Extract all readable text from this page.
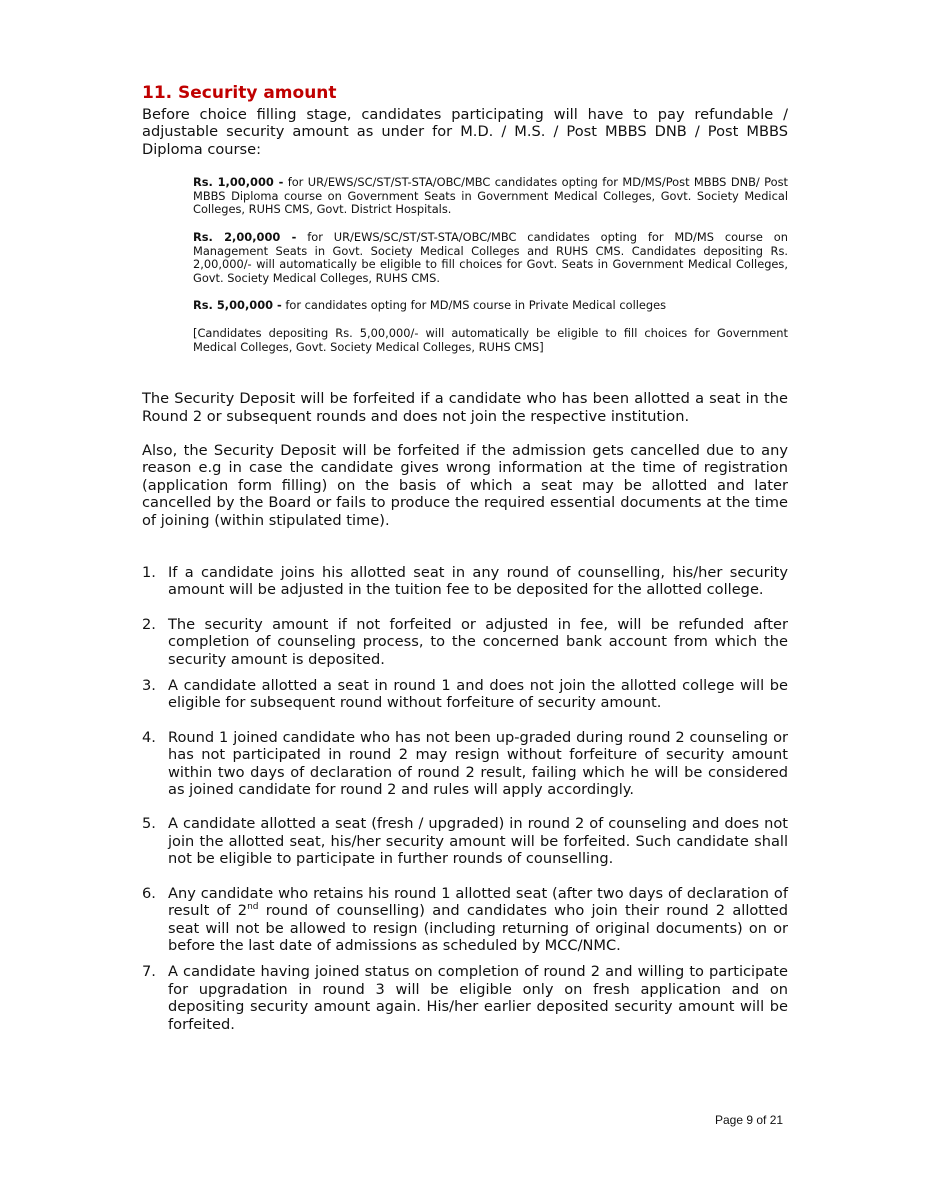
11. Security amount

Before choice filling stage, candidates participating will have to pay refundable / adjustable security amount as under for M.D. / M.S. / Post MBBS DNB / Post MBBS Diploma course:

Rs. 1,00,000 - for UR/EWS/SC/ST/ST-STA/OBC/MBC candidates opting for MD/MS/Post MBBS DNB/ Post MBBS Diploma course on Government Seats in Government Medical Colleges, Govt. Society Medical Colleges, RUHS CMS, Govt. District Hospitals.

Rs. 2,00,000 - for UR/EWS/SC/ST/ST-STA/OBC/MBC candidates opting for MD/MS course on Management Seats in Govt. Society Medical Colleges and RUHS CMS. Candidates depositing Rs. 2,00,000/- will automatically be eligible to fill choices for Govt. Seats in Government Medical Colleges, Govt. Society Medical Colleges, RUHS CMS.

Rs. 5,00,000 - for candidates opting for MD/MS course in Private Medical colleges

[Candidates depositing Rs. 5,00,000/- will automatically be eligible to fill choices for Government Medical Colleges, Govt. Society Medical Colleges, RUHS CMS]

The Security Deposit will be forfeited if a candidate who has been allotted a seat in the Round 2 or subsequent rounds and does not join the respective institution.

Also, the Security Deposit will be forfeited if the admission gets cancelled due to any reason e.g in case the candidate gives wrong information at the time of registration (application form filling) on the basis of which a seat may be allotted and later cancelled by the Board or fails to produce the required essential documents at the time of joining (within stipulated time).

1. If a candidate joins his allotted seat in any round of counselling, his/her security amount will be adjusted in the tuition fee to be deposited for the allotted college.
2. The security amount if not forfeited or adjusted in fee, will be refunded after completion of counseling process, to the concerned bank account from which the security amount is deposited.
3. A candidate allotted a seat in round 1 and does not join the allotted college will be eligible for subsequent round without forfeiture of security amount.
4. Round 1 joined candidate who has not been up-graded during round 2 counseling or has not participated in round 2 may resign without forfeiture of security amount within two days of declaration of round 2 result, failing which he will be considered as joined candidate for round 2 and rules will apply accordingly.
5. A candidate allotted a seat (fresh / upgraded) in round 2 of counseling and does not join the allotted seat, his/her security amount will be forfeited. Such candidate shall not be eligible to participate in further rounds of counselling.
6. Any candidate who retains his round 1 allotted seat (after two days of declaration of result of 2nd round of counselling) and candidates who join their round 2 allotted seat will not be allowed to resign (including returning of original documents) on or before the last date of admissions as scheduled by MCC/NMC.
7. A candidate having joined status on completion of round 2 and willing to participate for upgradation in round 3 will be eligible only on fresh application and on depositing security amount again. His/her earlier deposited security amount will be forfeited.
Page 9 of 21
